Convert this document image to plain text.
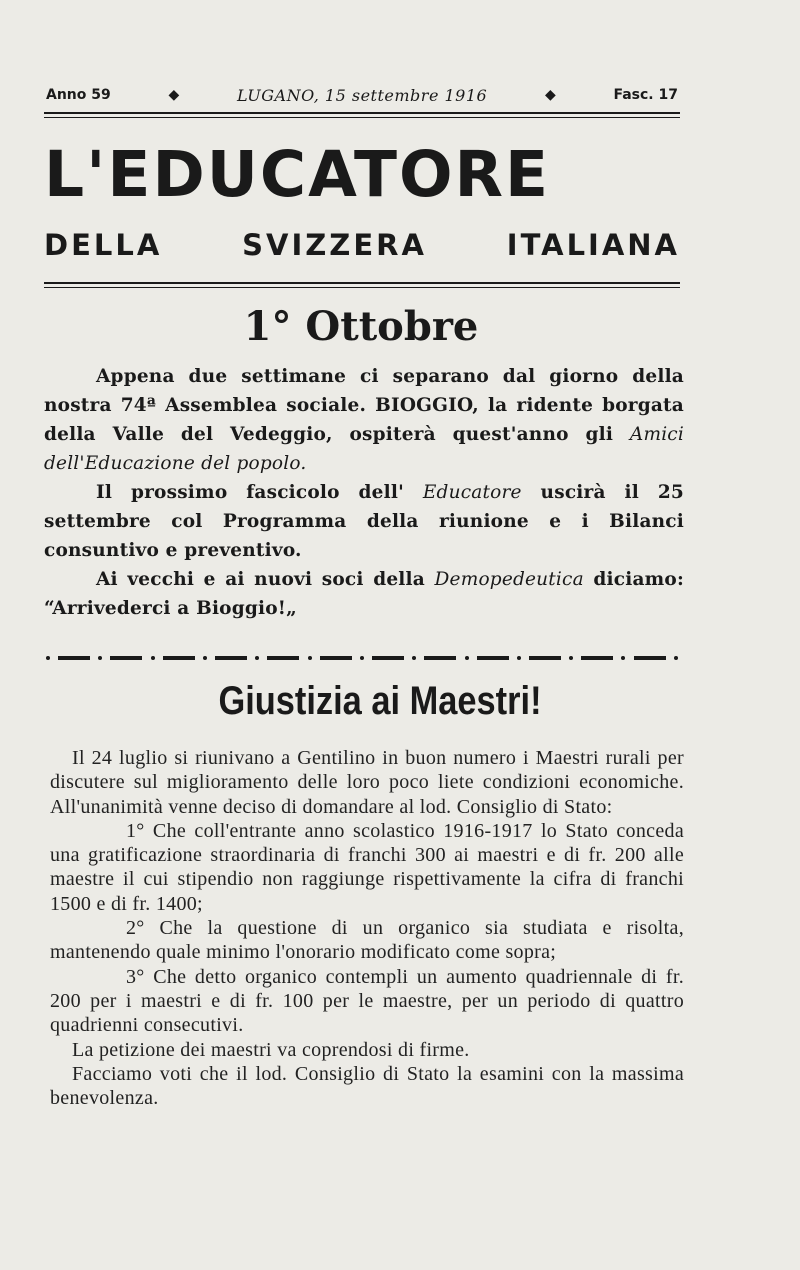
Anno 59	◆	LUGANO, 15 settembre 1916	◆	Fasc. 17
L'EDUCATORE
DELLA SVIZZERA ITALIANA
1° Ottobre

Appena due settimane ci separano dal giorno della nostra 74ª Assemblea sociale. BIOGGIO, la ridente borgata della Valle del Vedeggio, ospiterà quest'anno gli Amici dell'Educazione del popolo.

Il prossimo fascicolo dell' Educatore uscirà il 25 settembre col Programma della riunione e i Bilanci consuntivo e preventivo.

Ai vecchi e ai nuovi soci della Demopedeutica diciamo: “Arrivederci a Bioggio!„

Giustizia ai Maestri!

Il 24 luglio si riunivano a Gentilino in buon numero i Maestri rurali per discutere sul miglioramento delle loro poco liete condizioni economiche. All'unanimità venne deciso di domandare al lod. Consiglio di Stato:

1° Che coll'entrante anno scolastico 1916-1917 lo Stato conceda una gratificazione straordinaria di franchi 300 ai maestri e di fr. 200 alle maestre il cui stipendio non raggiunge rispettivamente la cifra di franchi 1500 e di fr. 1400;

2° Che la questione di un organico sia studiata e risolta, mantenendo quale minimo l'onorario modificato come sopra;

3° Che detto organico contempli un aumento quadriennale di fr. 200 per i maestri e di fr. 100 per le maestre, per un periodo di quattro quadrienni consecutivi.

La petizione dei maestri va coprendosi di firme.

Facciamo voti che il lod. Consiglio di Stato la esamini con la massima benevolenza.
